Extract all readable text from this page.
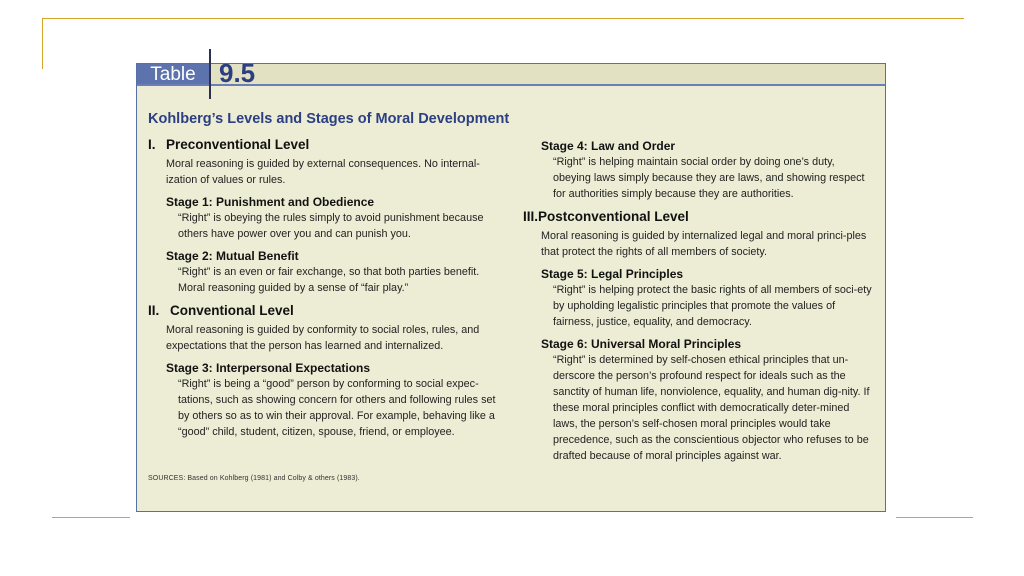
Table 9.5
Kohlberg’s Levels and Stages of Moral Development
I. Preconventional Level
Moral reasoning is guided by external consequences. No internal-ization of values or rules.
Stage 1: Punishment and Obedience
“Right” is obeying the rules simply to avoid punishment because others have power over you and can punish you.
Stage 2: Mutual Benefit
“Right” is an even or fair exchange, so that both parties benefit. Moral reasoning guided by a sense of “fair play.”
II. Conventional Level
Moral reasoning is guided by conformity to social roles, rules, and expectations that the person has learned and internalized.
Stage 3: Interpersonal Expectations
“Right” is being a “good” person by conforming to social expec-tations, such as showing concern for others and following rules set by others so as to win their approval. For example, behaving like a “good” child, student, citizen, spouse, friend, or employee.
Stage 4: Law and Order
“Right” is helping maintain social order by doing one’s duty, obeying laws simply because they are laws, and showing respect for authorities simply because they are authorities.
III.Postconventional Level
Moral reasoning is guided by internalized legal and moral princi-ples that protect the rights of all members of society.
Stage 5: Legal Principles
“Right” is helping protect the basic rights of all members of soci-ety by upholding legalistic principles that promote the values of fairness, justice, equality, and democracy.
Stage 6: Universal Moral Principles
“Right” is determined by self-chosen ethical principles that un-derscore the person’s profound respect for ideals such as the sanctity of human life, nonviolence, equality, and human dig-nity. If these moral principles conflict with democratically deter-mined laws, the person’s self-chosen moral principles would take precedence, such as the conscientious objector who refuses to be drafted because of moral principles against war.
SOURCES: Based on Kohlberg (1981) and Colby & others (1983).
